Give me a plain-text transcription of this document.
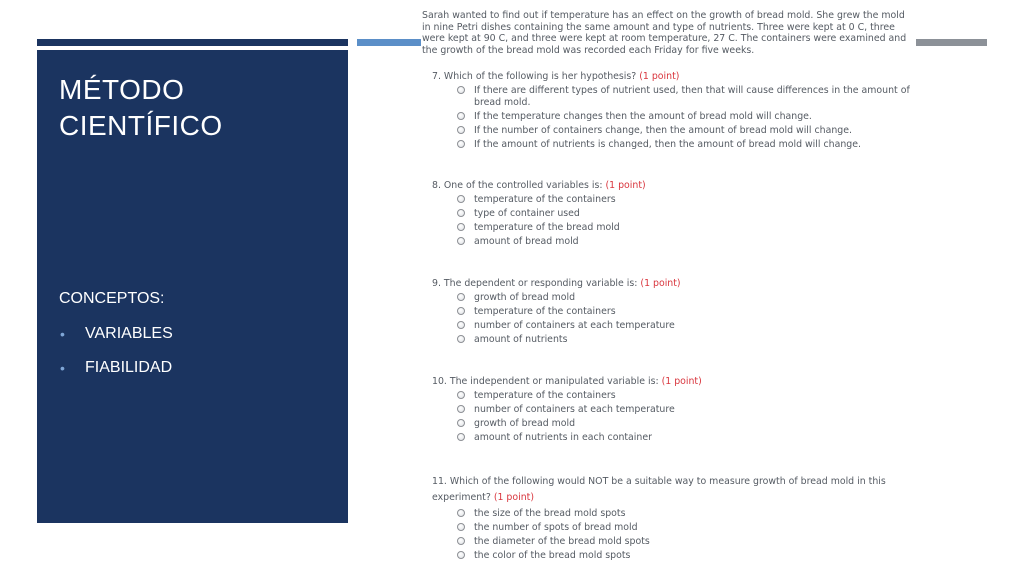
MÉTODO
CIENTÍFICO
CONCEPTOS:
• VARIABLES
• FIABILIDAD

Sarah wanted to find out if temperature has an effect on the growth of bread mold. She grew the mold in nine Petri dishes containing the same amount and type of nutrients. Three were kept at 0 C, three were kept at 90 C, and three were kept at room temperature, 27 C. The containers were examined and the growth of the bread mold was recorded each Friday for five weeks.

7. Which of the following is her hypothesis? (1 point)
If there are different types of nutrient used, then that will cause differences in the amount of bread mold.
If the temperature changes then the amount of bread mold will change.
If the number of containers change, then the amount of bread mold will change.
If the amount of nutrients is changed, then the amount of bread mold will change.
8. One of the controlled variables is: (1 point)
temperature of the containers
type of container used
temperature of the bread mold
amount of bread mold
9. The dependent or responding variable is: (1 point)
growth of bread mold
temperature of the containers
number of containers at each temperature
amount of nutrients
10. The independent or manipulated variable is: (1 point)
temperature of the containers
number of containers at each temperature
growth of bread mold
amount of nutrients in each container
11. Which of the following would NOT be a suitable way to measure growth of bread mold in this experiment? (1 point)
the size of the bread mold spots
the number of spots of bread mold
the diameter of the bread mold spots
the color of the bread mold spots
